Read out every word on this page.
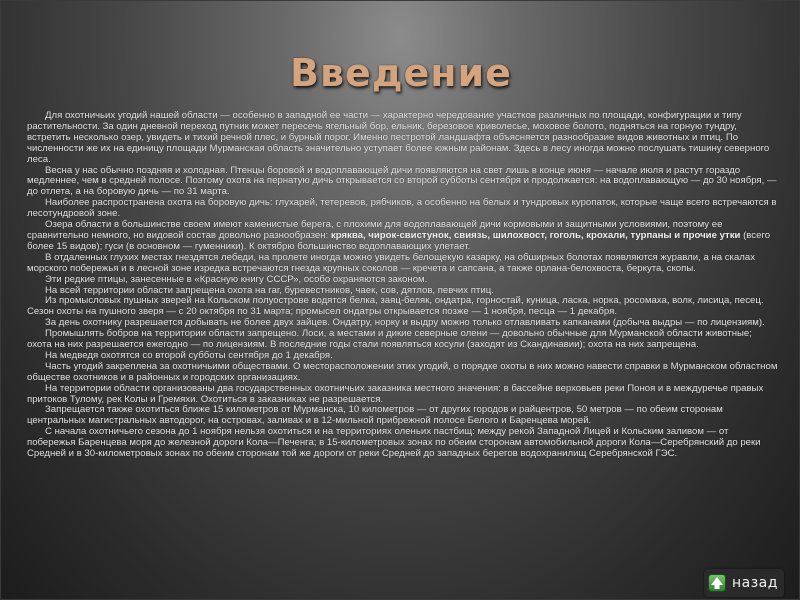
Введение

Для охотничьих угодий нашей области — особенно в западной ее части — характерно чередование участков различных по площади, конфигурации и типу растительности. За один дневной переход путник может пересечь ягельный бор, ельник, березовое криволесье, моховое болото, подняться на горную тундру, встретить несколько озер, увидеть и тихий речной плес, и бурный порог. Именно пестротой ландшафта объясняется разнообразие видов животных и птиц. По численности же их на единицу площади Мурманская область значительно уступает более южным районам. Здесь в лесу иногда можно послушать тишину северного леса.

Весна у нас обычно поздняя и холодная. Птенцы боровой и водоплавающей дичи появляются на свет лишь в конце июня — начале июля и растут гораздо медленнее, чем в средней полосе. Поэтому охота на пернатую дичь открывается со второй субботы сентября и продолжается: на водоплавающую — до 30 ноября, — до отлета, а на боровую дичь — по 31 марта.

Наиболее распространена охота на боровую дичь: глухарей, тетеревов, рябчиков, а особенно на белых и тундровых куропаток, которые чаще всего встречаются в лесотундровой зоне.

Озера области в большинстве своем имеют каменистые берега, с плохими для водоплавающей дичи кормовыми и защитными условиями, поэтому ее сравнительно немного, но видовой состав довольно разнообразен: кряква, чирок-свистунок, свиязь, шилохвост, гоголь, крохали, турпаны и прочие утки (всего более 15 видов); гуси (в основном — гуменники). К октябрю большинство водоплавающих улетает.

В отдаленных глухих местах гнездятся лебеди, на пролете иногда можно увидеть белощекую казарку, на обширных болотах появляются журавли, а на скалах морского побережья и в лесной зоне изредка встречаются гнезда крупных соколов — кречета и сапсана, а также орлана-белохвоста, беркута, скопы.

Эти редкие птицы, занесенные в «Красную книгу СССР», особо охраняются законом.

На всей территории области запрещена охота на гаг, буревестников, чаек, сов, дятлов, певчих птиц.

Из промысловых пушных зверей на Кольском полуострове водятся белка, заяц-беляк, ондатра, горностай, куница, ласка, норка, росомаха, волк, лисица, песец. Сезон охоты на пушного зверя — с 20 октября по 31 марта; промысел ондатры открывается позже — 1 ноября, песца — 1 декабря.

За день охотнику разрешается добывать не более двух зайцев. Ондатру, норку и выдру можно только отлавливать капканами (добыча выдры — по лицензиям).

Промышлять бобров на территории области запрещено. Лоси, а местами и дикие северные олени — довольно обычные для Мурманской области животные; охота на них разрешается ежегодно — по лицензиям. В последние годы стали появляться косули (заходят из Скандинавии); охота на них запрещена.

На медведя охотятся со второй субботы сентября до 1 декабря.

Часть угодий закреплена за охотничьими обществами. О месторасположении этих угодий, о порядке охоты в них можно навести справки в Мурманском областном обществе охотников и в районных и городских организациях.

На территории области организованы два государственных охотничьих заказника местного значения: в бассейне верховьев реки Поноя и в междуречье правых притоков Тулому, рек Колы и Гремяхи. Охотиться в заказниках не разрешается.

Запрещается также охотиться ближе 15 километров от Мурманска, 10 километров — от других городов и райцентров, 50 метров — по обеим сторонам центральных магистральных автодорог, на островах, заливах и в 12-мильной прибрежной полосе Белого и Баренцева морей.

С начала охотничьего сезона до 1 ноября нельзя охотиться и на территориях оленьих пастбищ: между рекой Западной Лицей и Кольским заливом — от побережья Баренцева моря до железной дороги Кола—Печенга; в 15-километровых зонах по обеим сторонам автомобильной дороги Кола—Серебрянский до реки Средней и в 30-километровых зонах по обеим сторонам той же дороги от реки Средней до западных берегов водохранилищ Серебрянской ГЭС.

назад
